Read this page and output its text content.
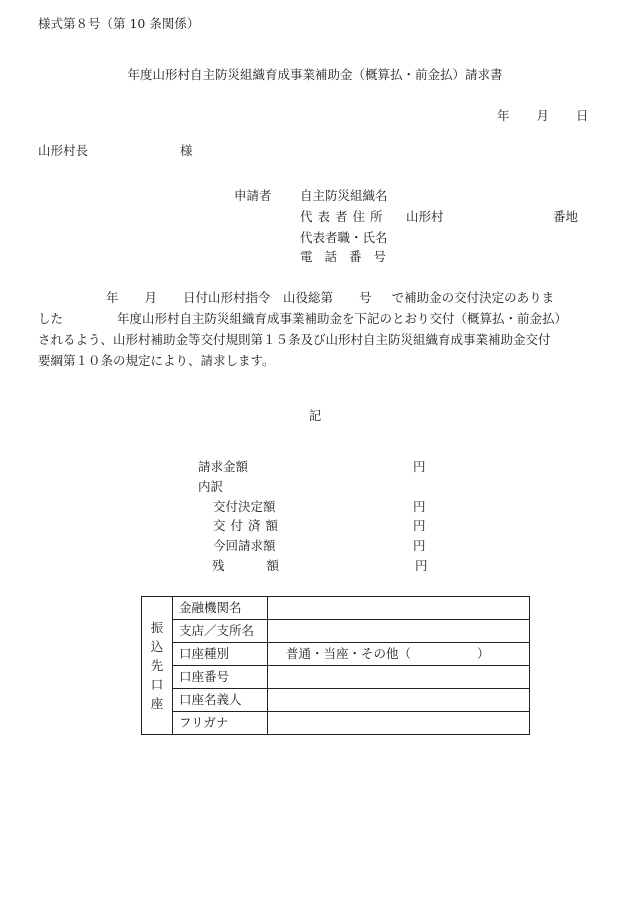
様式第８号（第 10 条関係）
年度山形村自主防災組織育成事業補助金（概算払・前金払）請求書
年 月 日
山形村長	様
申請者 自主防災組織名
代表者住所 山形村	番地
代表者職・氏名
電話番号

年 月 日付山形村指令　山役総第 号 で補助金の交付決定のありま

した	年度山形村自主防災組織育成事業補助金を下記のとおり交付（概算払・前金払）

されるよう、山形村補助金等交付規則第１５条及び山形村自主防災組織育成事業補助金交付

要綱第１０条の規定により、請求します。

記
請求金額	円
内訳
交付決定額	円
交付済額	円
今回請求額	円
残額	円
振
込
先
口
座	金融機関名	
	支店／支所名	
	口座種別	普通・当座・その他（ ）
	口座番号	
	口座名義人	
	フリガナ	
